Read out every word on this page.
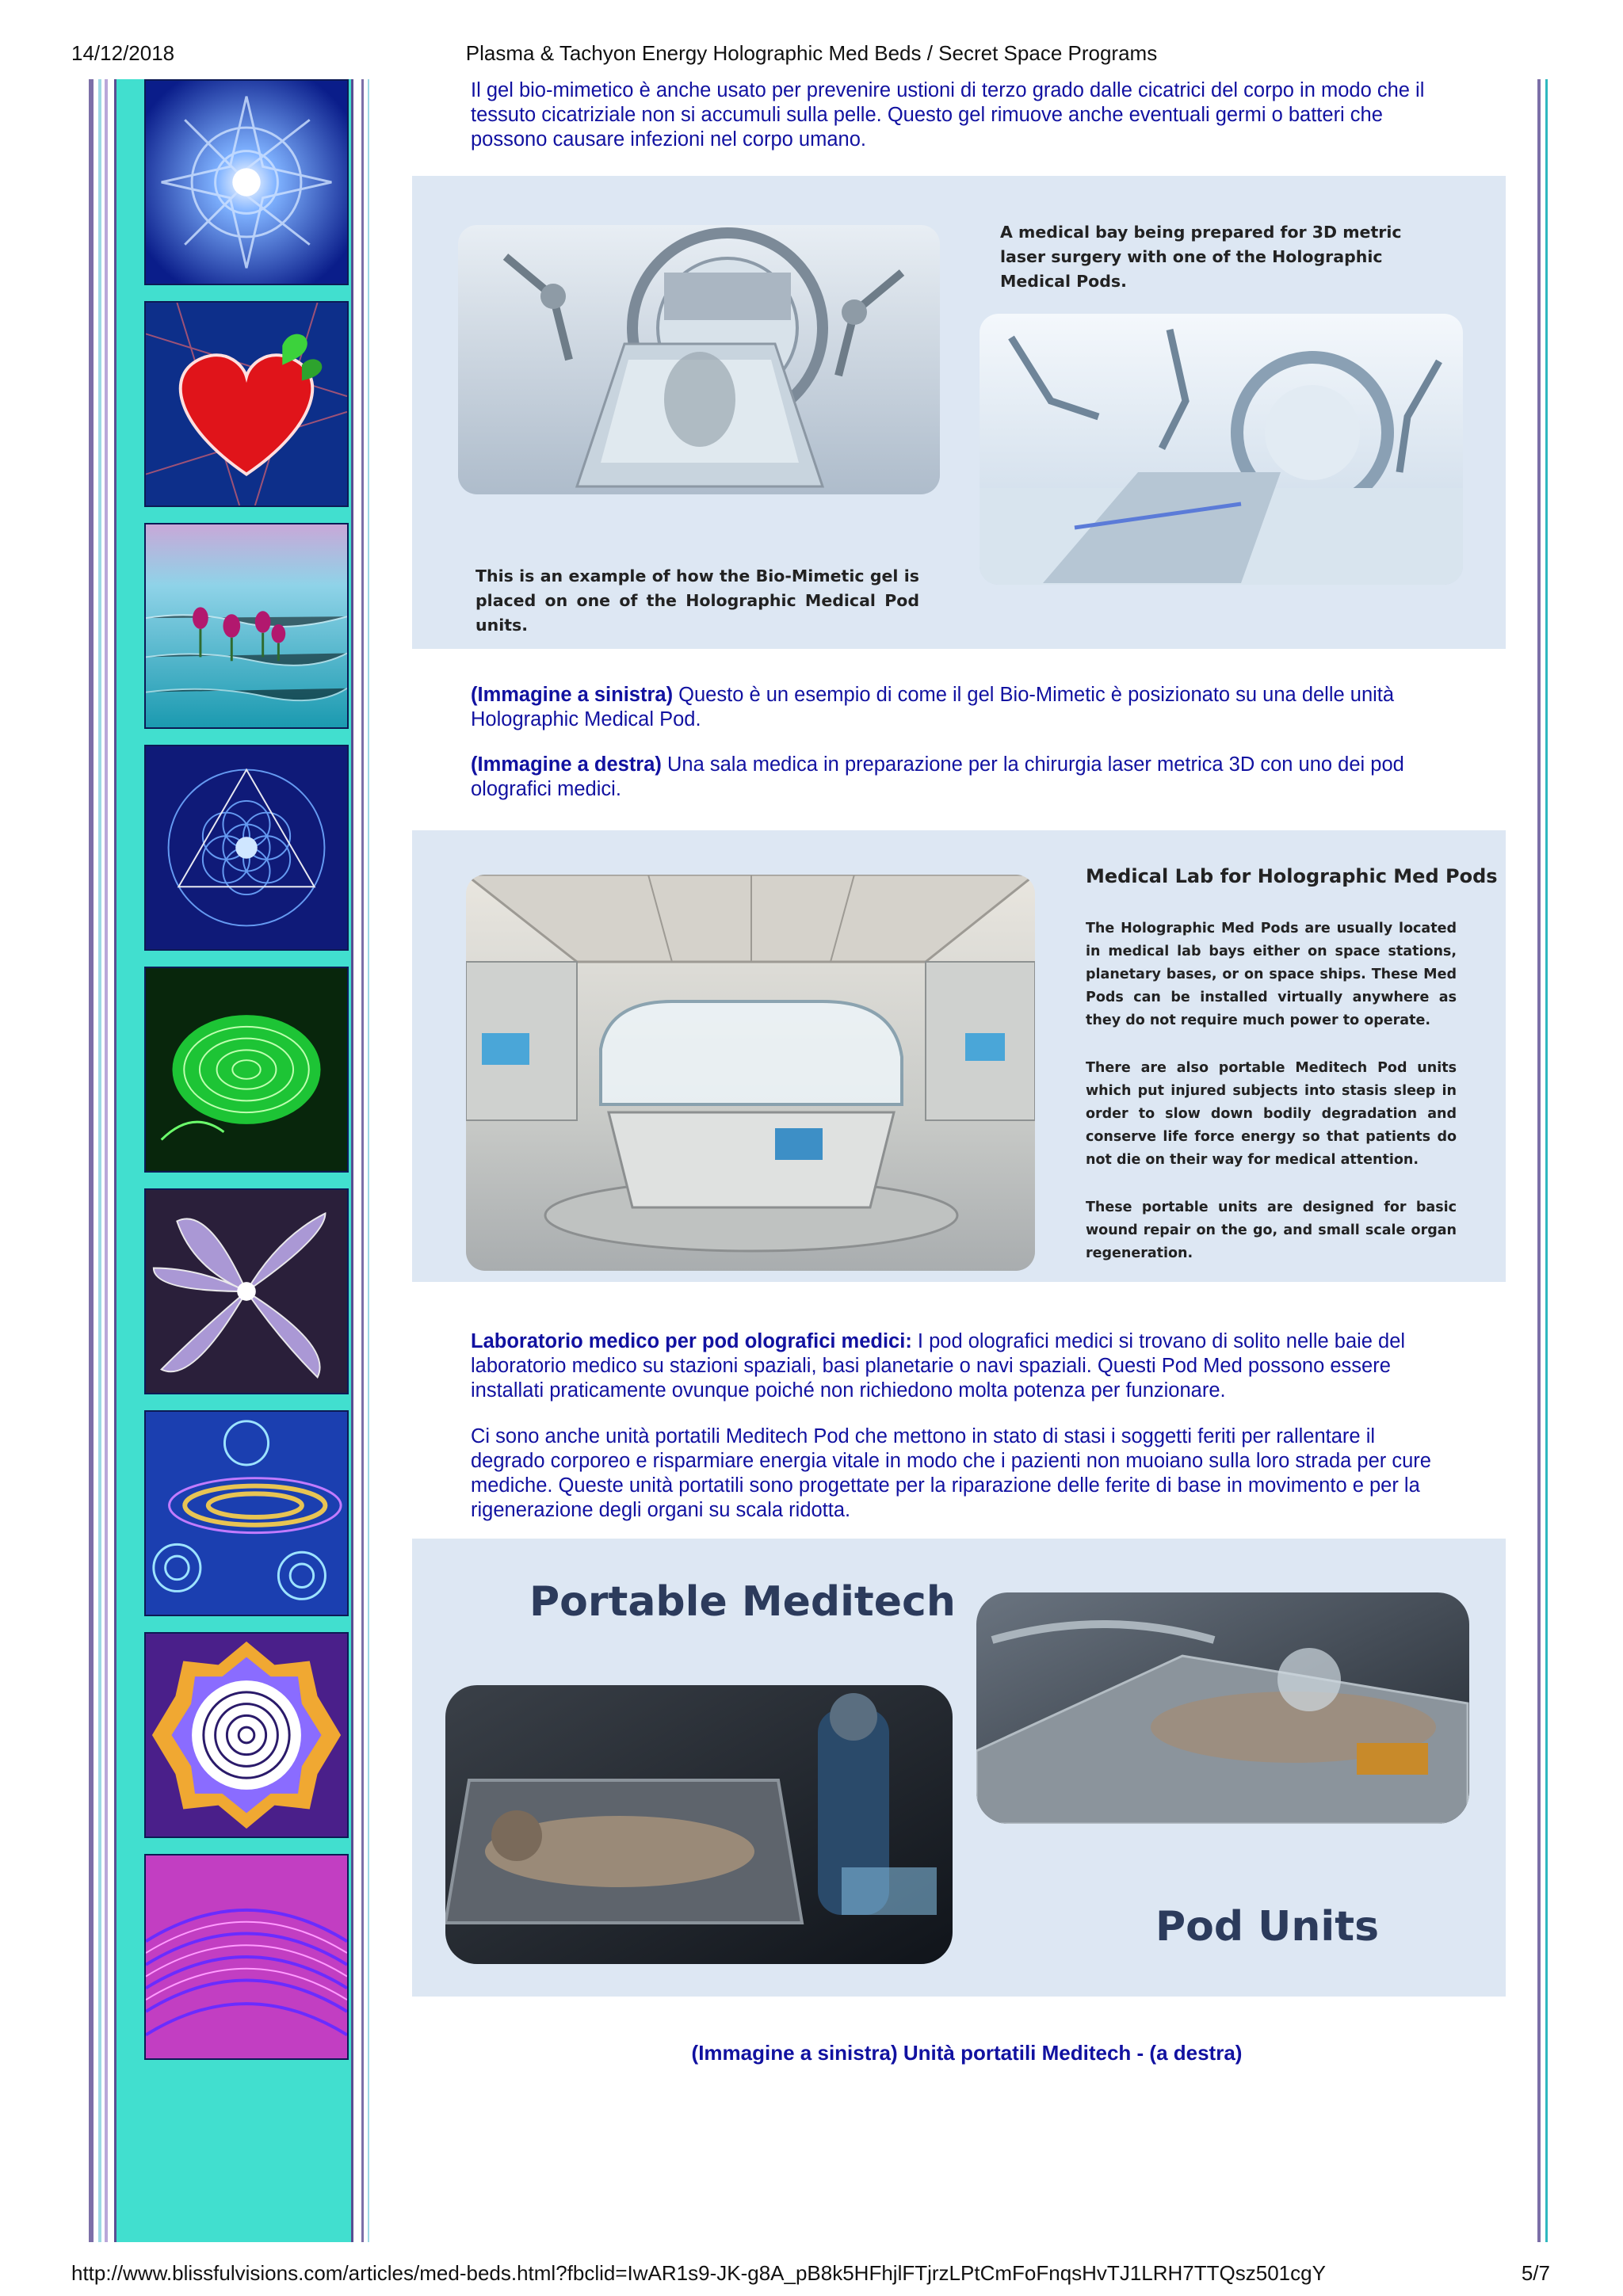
14/12/2018	Plasma & Tachyon Energy Holographic Med Beds / Secret Space Programs

Il gel bio-mimetico è anche usato per prevenire ustioni di terzo grado dalle cicatrici del corpo in modo che il tessuto cicatriziale non si accumuli sulla pelle. Questo gel rimuove anche eventuali germi o batteri che possono causare infezioni nel corpo umano.

A medical bay being prepared for 3D metric laser surgery with one of the Holographic Medical Pods.
This is an example of how the Bio-Mimetic gel is placed on one of the Holographic Medical Pod units.

(Immagine a sinistra) Questo è un esempio di come il gel Bio-Mimetic è posizionato su una delle unità Holographic Medical Pod.

(Immagine a destra) Una sala medica in preparazione per la chirurgia laser metrica 3D con uno dei pod olografici medici.

Medical Lab for Holographic Med Pods

The Holographic Med Pods are usually located in medical lab bays either on space stations, planetary bases, or on space ships. These Med Pods can be installed virtually anywhere as they do not require much power to operate.

There are also portable Meditech Pod units which put injured subjects into stasis sleep in order to slow down bodily degradation and conserve life force energy so that patients do not die on their way for medical attention.

These portable units are designed for basic wound repair on the go, and small scale organ regeneration.

Laboratorio medico per pod olografici medici: I pod olografici medici si trovano di solito nelle baie del laboratorio medico su stazioni spaziali, basi planetarie o navi spaziali. Questi Pod Med possono essere installati praticamente ovunque poiché non richiedono molta potenza per funzionare.

Ci sono anche unità portatili Meditech Pod che mettono in stato di stasi i soggetti feriti per rallentare il degrado corporeo e risparmiare energia vitale in modo che i pazienti non muoiano sulla loro strada per cure mediche. Queste unità portatili sono progettate per la riparazione delle ferite di base in movimento e per la rigenerazione degli organi su scala ridotta.

Portable Meditech
Pod Units
(Immagine a sinistra) Unità portatili Meditech - (a destra)
http://www.blissfulvisions.com/articles/med-beds.html?fbclid=IwAR1s9-JK-g8A_pB8k5HFhjlFTjrzLPtCmFoFnqsHvTJ1LRH7TTQsz501cgY	5/7
